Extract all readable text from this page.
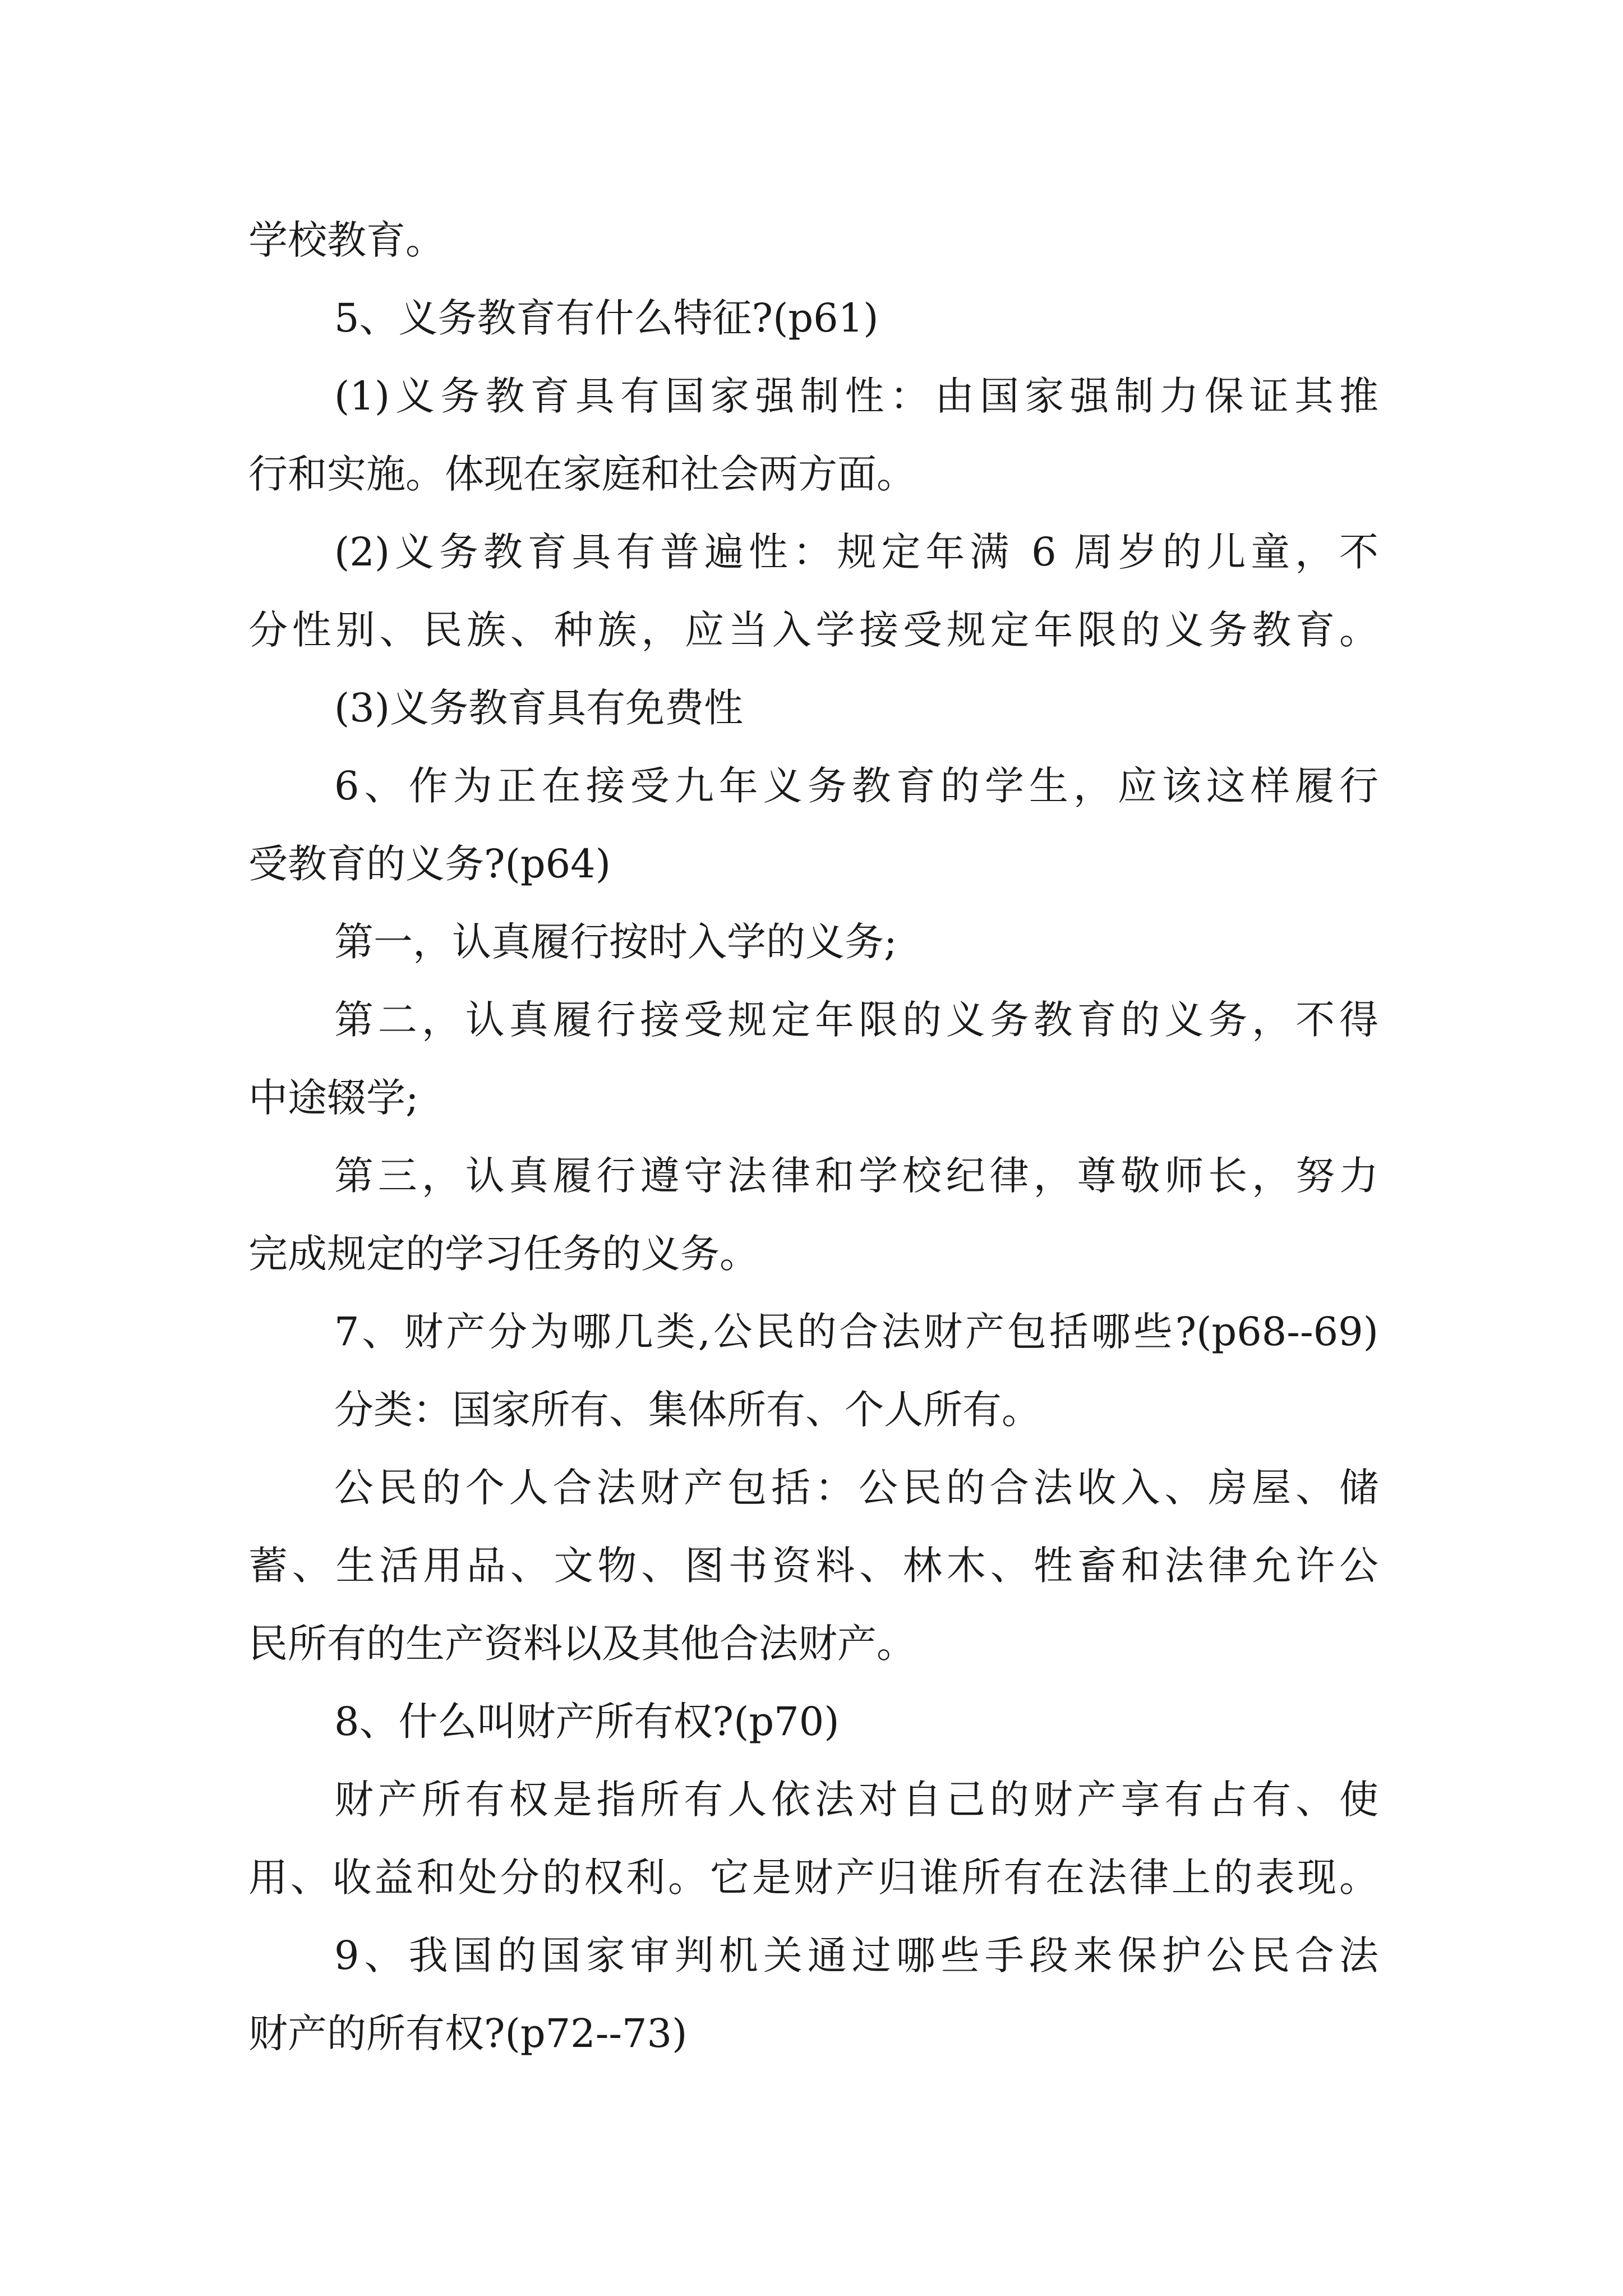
学校教育。

5、义务教育有什么特征?(p61)

(1)义务教育具有国家强制性：由国家强制力保证其推

行和实施。体现在家庭和社会两方面。

(2)义务教育具有普遍性：规定年满 6 周岁的儿童，不

分性别、民族、种族，应当入学接受规定年限的义务教育。

(3)义务教育具有免费性

6、作为正在接受九年义务教育的学生，应该这样履行

受教育的义务?(p64)

第一，认真履行按时入学的义务;

第二，认真履行接受规定年限的义务教育的义务，不得

中途辍学;

第三，认真履行遵守法律和学校纪律，尊敬师长，努力

完成规定的学习任务的义务。

7、财产分为哪几类,公民的合法财产包括哪些?(p68--69)

分类：国家所有、集体所有、个人所有。

公民的个人合法财产包括：公民的合法收入、房屋、储

蓄、生活用品、文物、图书资料、林木、牲畜和法律允许公

民所有的生产资料以及其他合法财产。

8、什么叫财产所有权?(p70)

财产所有权是指所有人依法对自己的财产享有占有、使

用、收益和处分的权利。它是财产归谁所有在法律上的表现。

9、我国的国家审判机关通过哪些手段来保护公民合法

财产的所有权?(p72--73)
